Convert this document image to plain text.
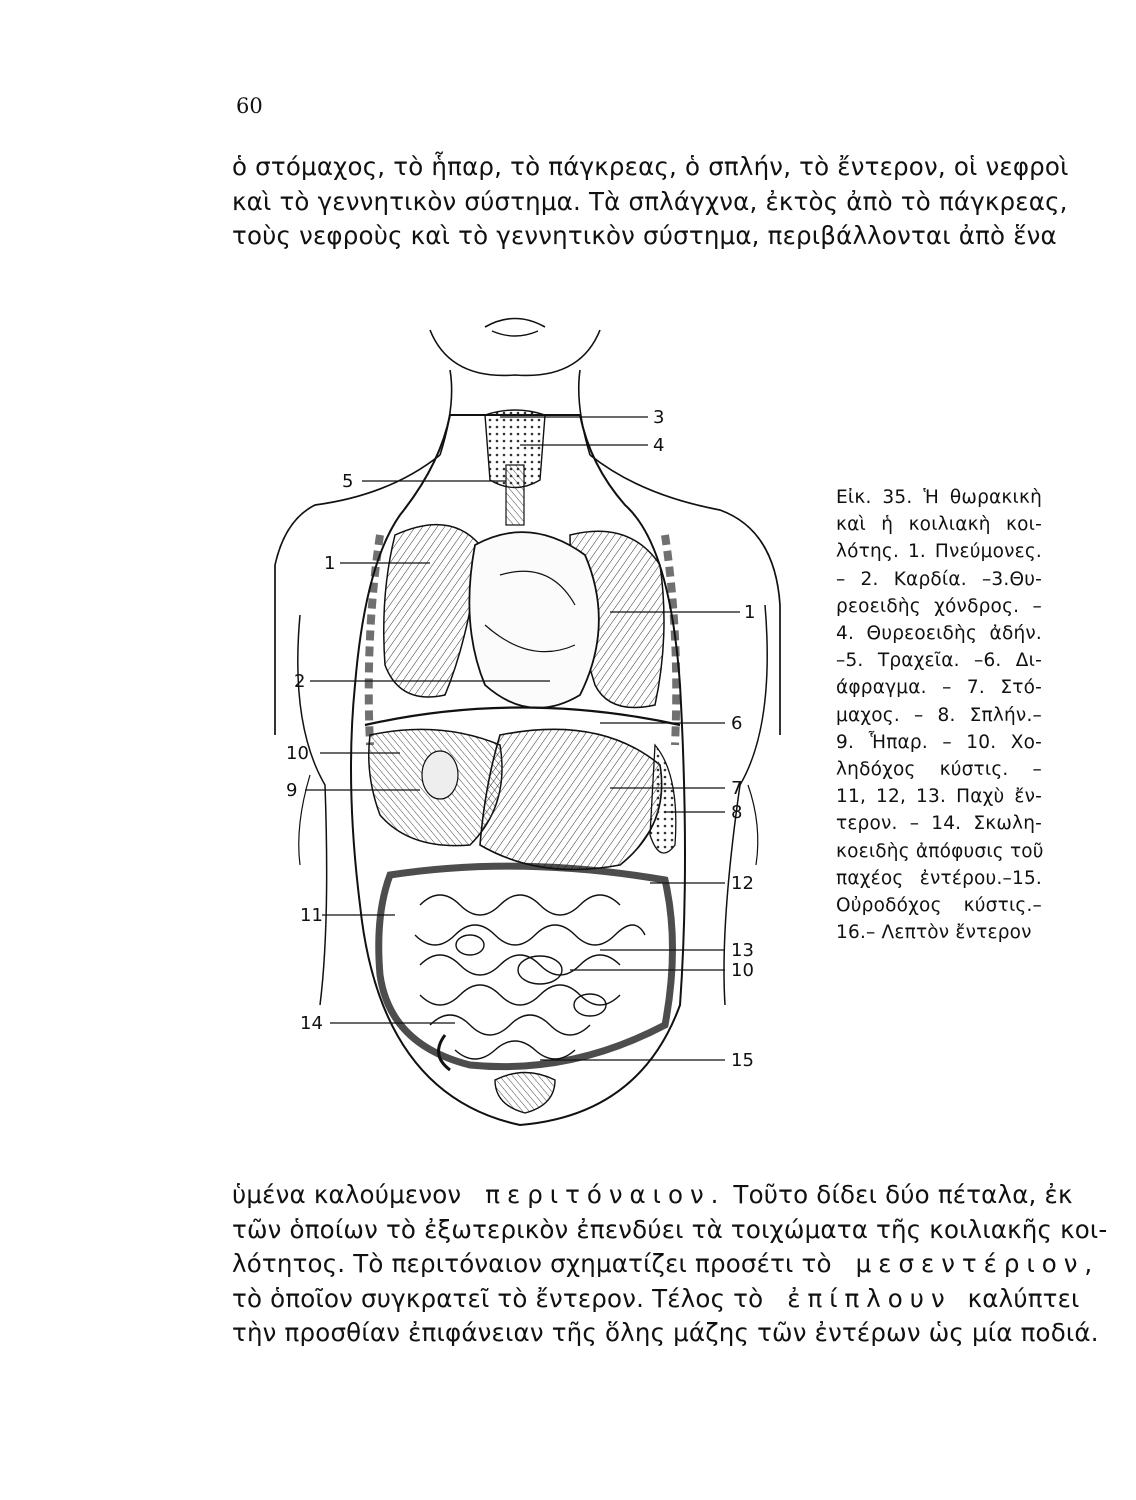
60
ὁ στόμαχος, τὸ ἧπαρ, τὸ πάγκρεας, ὁ σπλήν, τὸ ἔντερον, οἱ νεφροὶ
καὶ τὸ γεννητικὸν σύστημα. Τὰ σπλάγχνα, ἐκτὸς ἀπὸ τὸ πάγκρεας,
τοὺς νεφροὺς καὶ τὸ γεννητικὸν σύστημα, περιβάλλονται ἀπὸ ἕνα
3
4
5
1
1
2
6
10
9	7
8
12
11
13
10
14
15
Εἰκ. 35. Ἡ θωρακικὴ
καὶ ἡ κοιλιακὴ κοι-
λότης. 1. Πνεύμονες.
– 2. Καρδία. –3.Θυ-
ρεοειδὴς χόνδρος. –
4. Θυρεοειδὴς ἀδήν.
–5. Τραχεῖα. –6. Δι-
άφραγμα. – 7. Στό-
μαχος. – 8. Σπλήν.–
9. Ἧπαρ. – 10. Χο-
ληδόχος κύστις. –
11, 12, 13. Παχὺ ἔν-
τερον. – 14. Σκωλη-
κοειδὴς ἀπόφυσις τοῦ
παχέος ἐντέρου.–15.
Οὐροδόχος κύστις.–
16.– Λεπτὸν ἔντερον
ὑμένα καλούμενον περιτόναιον. Τοῦτο δίδει δύο πέταλα, ἐκ
τῶν ὁποίων τὸ ἐξωτερικὸν ἐπενδύει τὰ τοιχώματα τῆς κοιλιακῆς κοι-
λότητος. Τὸ περιτόναιον σχηματίζει προσέτι τὸ μεσεντέριον,
τὸ ὁποῖον συγκρατεῖ τὸ ἔντερον. Τέλος τὸ ἐπίπλουν καλύπτει
τὴν προσθίαν ἐπιφάνειαν τῆς ὅλης μάζης τῶν ἐντέρων ὡς μία ποδιά.
